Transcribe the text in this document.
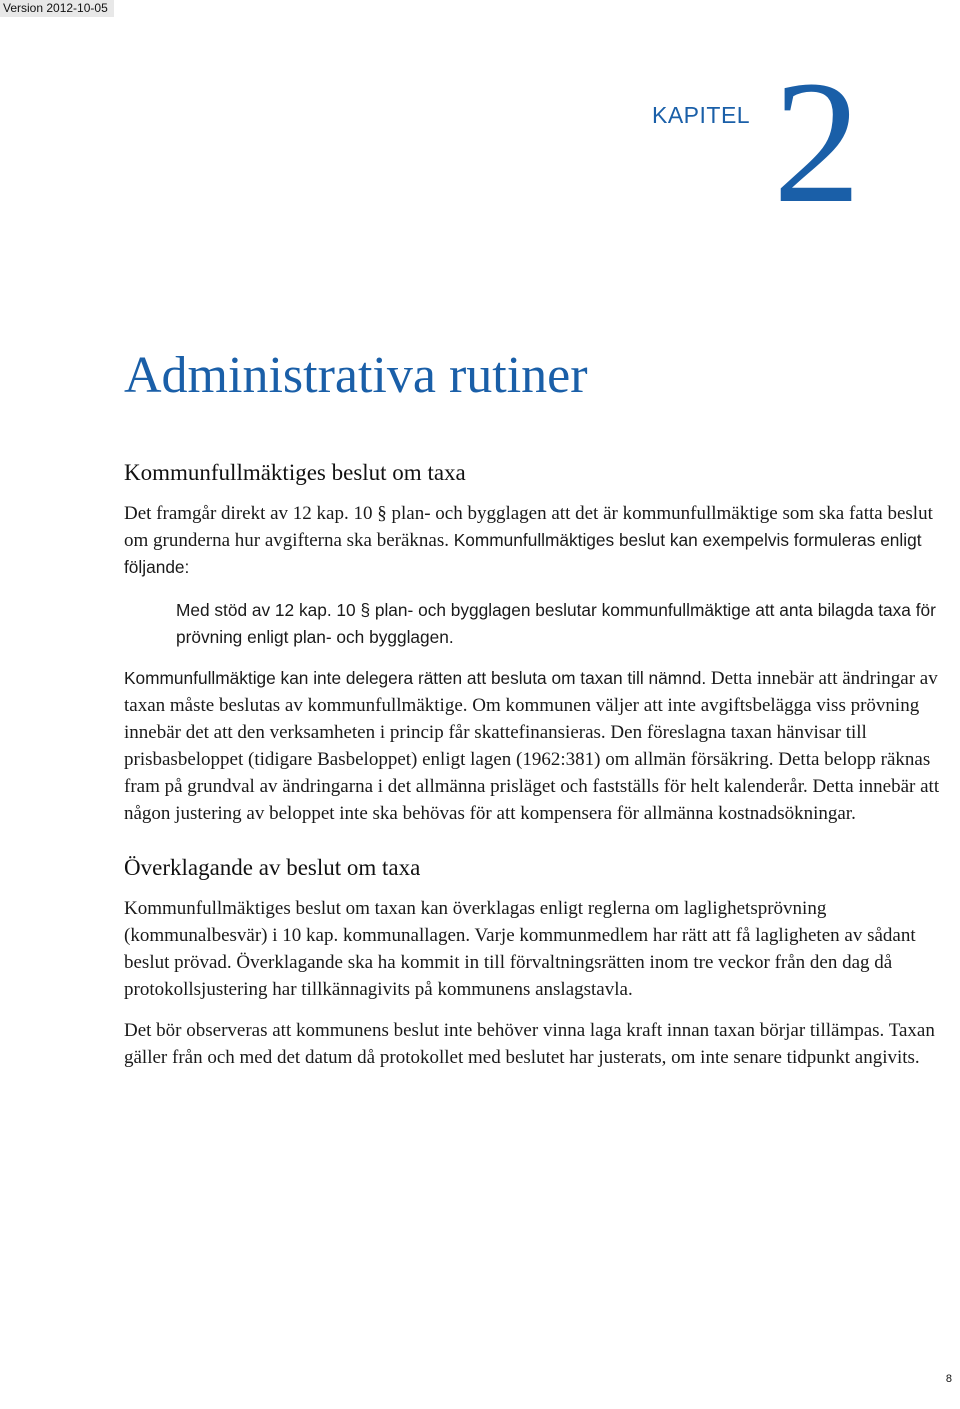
Version 2012-10-05
KAPITEL 2
Administrativa rutiner
Kommunfullmäktiges beslut om taxa

Det framgår direkt av 12 kap. 10 § plan- och bygglagen att det är kommunfullmäktige som ska fatta beslut om grunderna hur avgifterna ska beräknas. Kommunfullmäktiges beslut kan exempelvis formuleras enligt följande:

Med stöd av 12 kap. 10 § plan- och bygglagen beslutar kommunfullmäktige att anta bilagda taxa för prövning enligt plan- och bygglagen.

Kommunfullmäktige kan inte delegera rätten att besluta om taxan till nämnd. Detta innebär att ändringar av taxan måste beslutas av kommunfullmäktige. Om kommunen väljer att inte avgiftsbelägga viss prövning innebär det att den verksamheten i princip får skattefinansieras. Den föreslagna taxan hänvisar till prisbasbeloppet (tidigare Basbeloppet) enligt lagen (1962:381) om allmän försäkring. Detta belopp räknas fram på grundval av ändringarna i det allmänna prisläget och fastställs för helt kalenderår. Detta innebär att någon justering av beloppet inte ska behövas för att kompensera för allmänna kostnadsökningar.

Överklagande av beslut om taxa

Kommunfullmäktiges beslut om taxan kan överklagas enligt reglerna om laglighetsprövning (kommunalbesvär) i 10 kap. kommunallagen. Varje kommunmedlem har rätt att få lagligheten av sådant beslut prövad. Överklagande ska ha kommit in till förvaltningsrätten inom tre veckor från den dag då protokollsjustering har tillkännagivits på kommunens anslagstavla.

Det bör observeras att kommunens beslut inte behöver vinna laga kraft innan taxan börjar tillämpas. Taxan gäller från och med det datum då protokollet med beslutet har justerats, om inte senare tidpunkt angivits.

8
